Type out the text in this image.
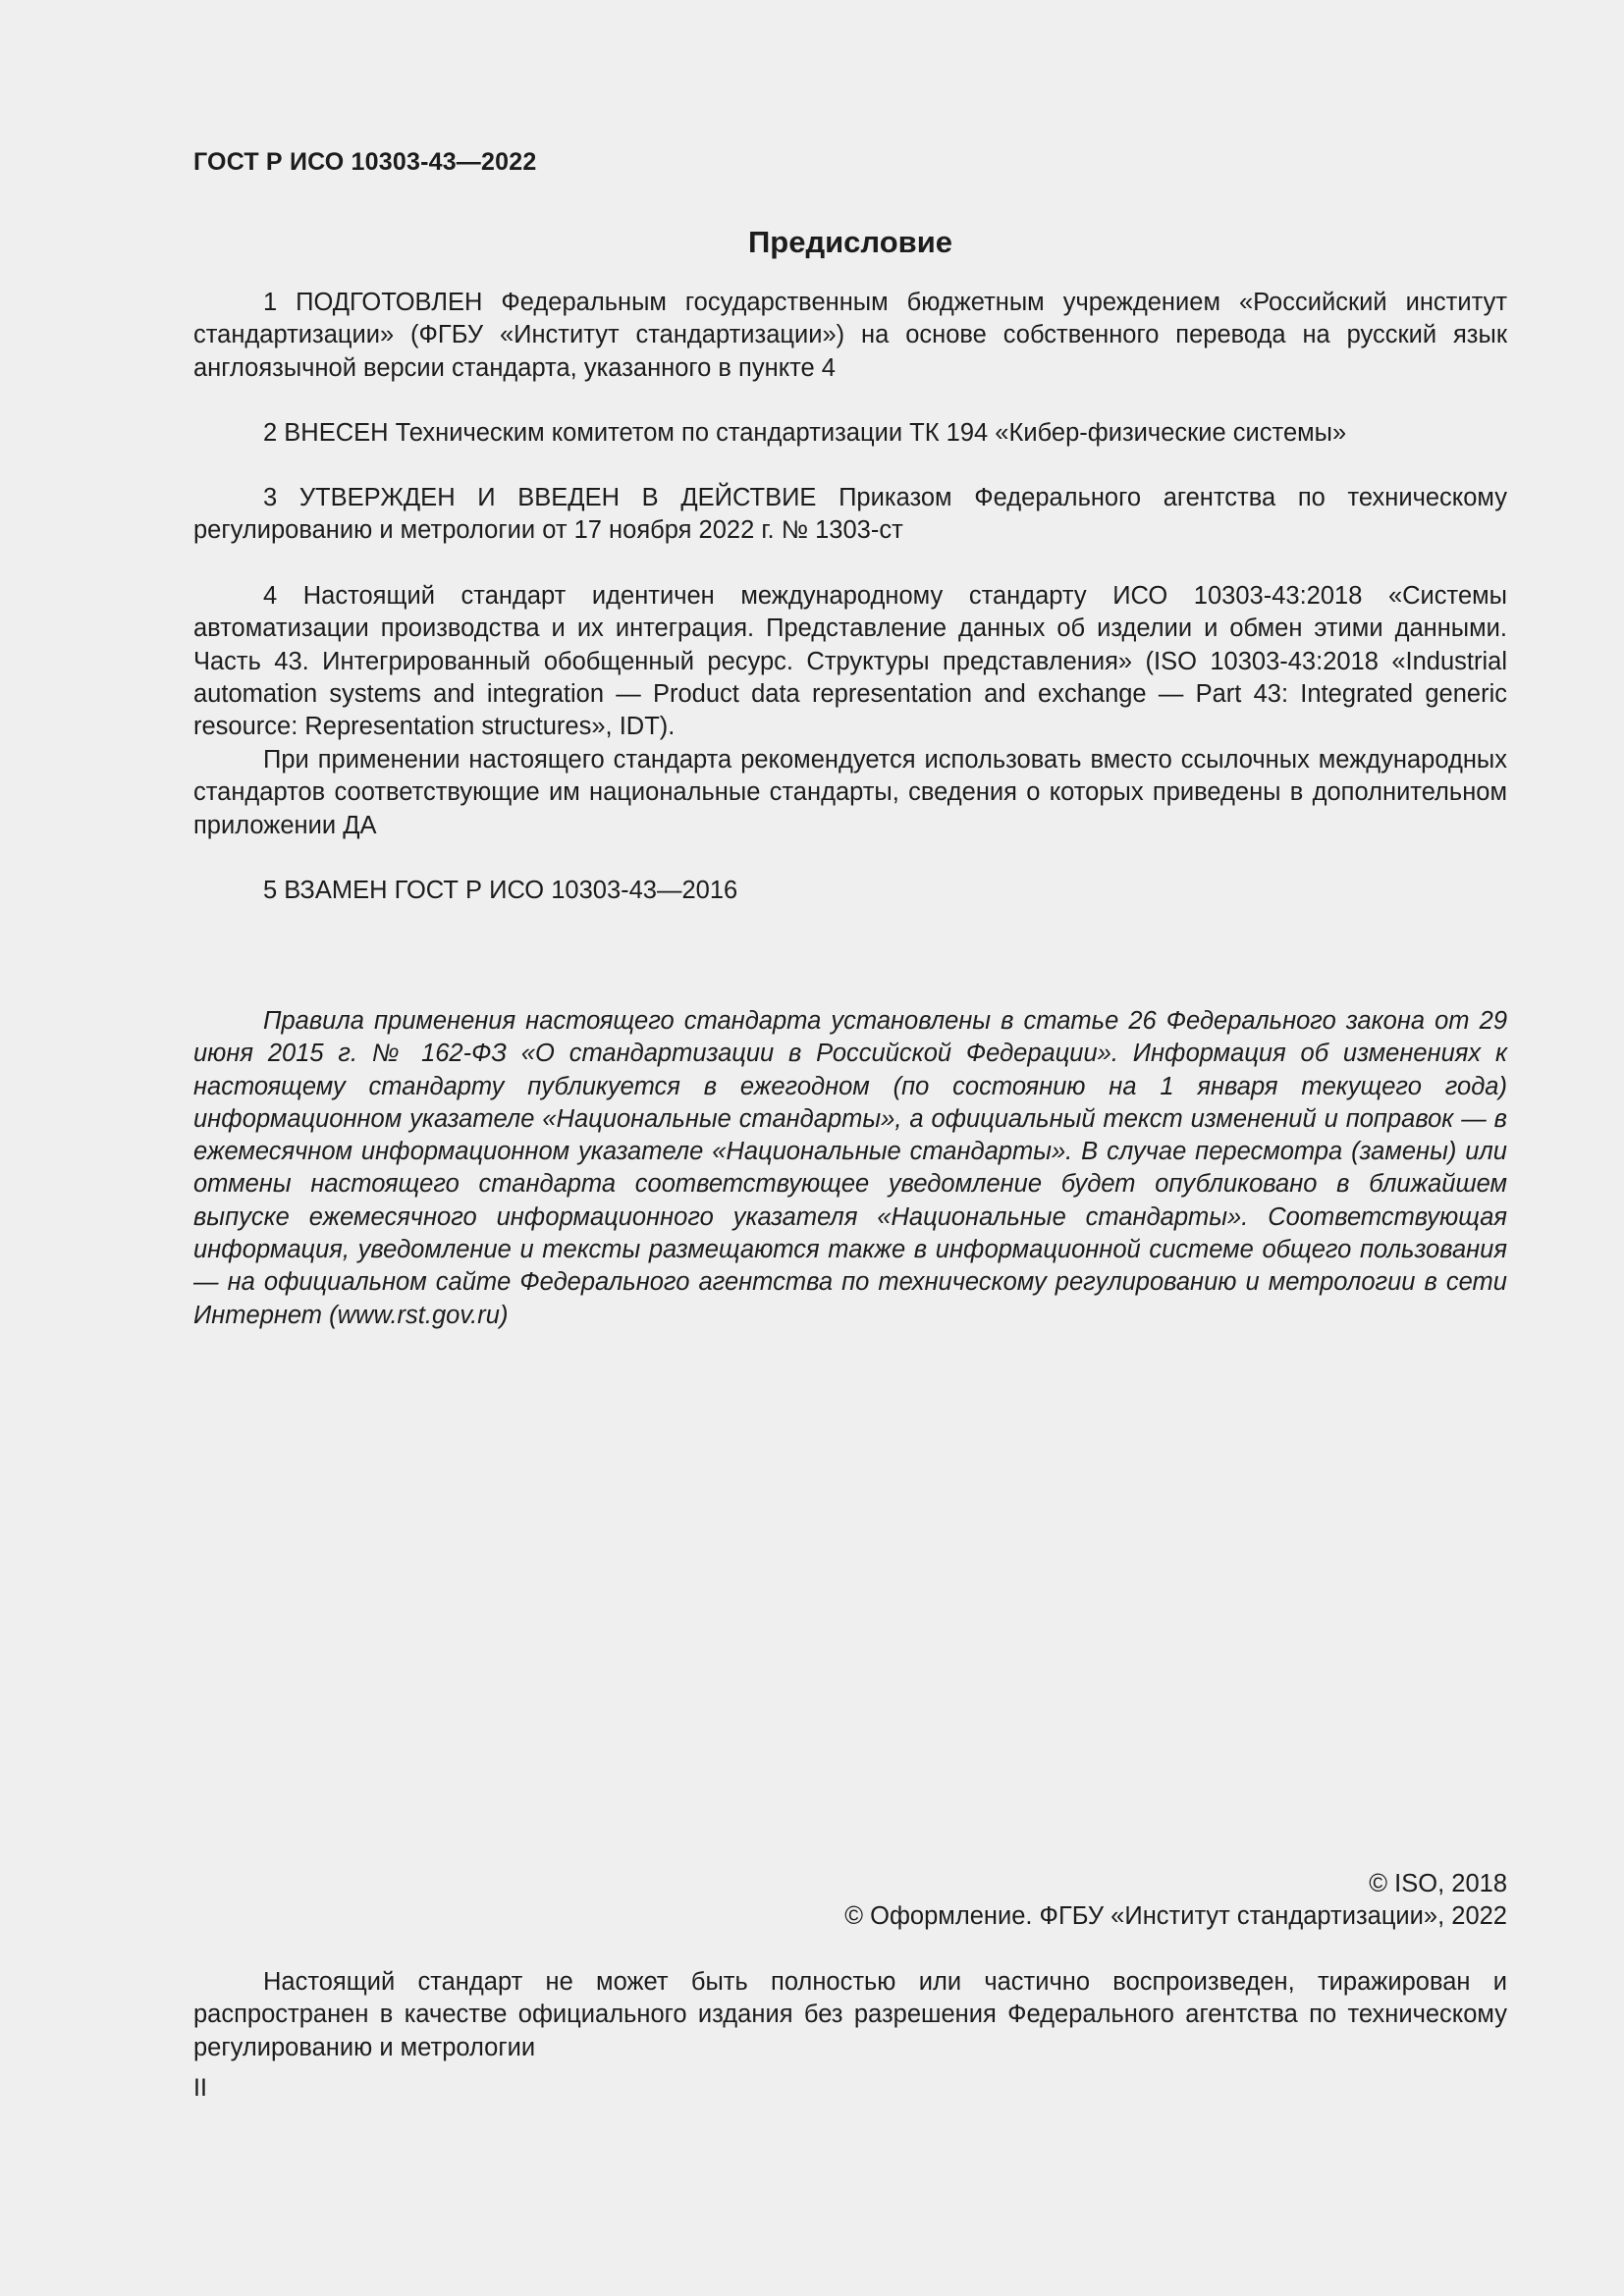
ГОСТ Р ИСО 10303-43—2022
Предисловие

1 ПОДГОТОВЛЕН Федеральным государственным бюджетным учреждением «Российский институт стандартизации» (ФГБУ «Институт стандартизации») на основе собственного перевода на русский язык англоязычной версии стандарта, указанного в пункте 4

2 ВНЕСЕН Техническим комитетом по стандартизации ТК 194 «Кибер-физические системы»

3 УТВЕРЖДЕН И ВВЕДЕН В ДЕЙСТВИЕ Приказом Федерального агентства по техническому регулированию и метрологии от 17 ноября 2022 г. № 1303-ст

4 Настоящий стандарт идентичен международному стандарту ИСО 10303-43:2018 «Системы автоматизации производства и их интеграция. Представление данных об изделии и обмен этими данными. Часть 43. Интегрированный обобщенный ресурс. Структуры представления» (ISO 10303-43:2018 «Industrial automation systems and integration — Product data representation and exchange — Part 43: Integrated generic resource: Representation structures», IDT).

При применении настоящего стандарта рекомендуется использовать вместо ссылочных международных стандартов соответствующие им национальные стандарты, сведения о которых приведены в дополнительном приложении ДА

5 ВЗАМЕН ГОСТ Р ИСО 10303-43—2016

Правила применения настоящего стандарта установлены в статье 26 Федерального закона от 29 июня 2015 г. № 162-ФЗ «О стандартизации в Российской Федерации». Информация об изменениях к настоящему стандарту публикуется в ежегодном (по состоянию на 1 января текущего года) информационном указателе «Национальные стандарты», а официальный текст изменений и поправок — в ежемесячном информационном указателе «Национальные стандарты». В случае пересмотра (замены) или отмены настоящего стандарта соответствующее уведомление будет опубликовано в ближайшем выпуске ежемесячного информационного указателя «Национальные стандарты». Соответствующая информация, уведомление и тексты размещаются также в информационной системе общего пользования — на официальном сайте Федерального агентства по техническому регулированию и метрологии в сети Интернет (www.rst.gov.ru)

© ISO, 2018
© Оформление. ФГБУ «Институт стандартизации», 2022

Настоящий стандарт не может быть полностью или частично воспроизведен, тиражирован и распространен в качестве официального издания без разрешения Федерального агентства по техническому регулированию и метрологии

II
